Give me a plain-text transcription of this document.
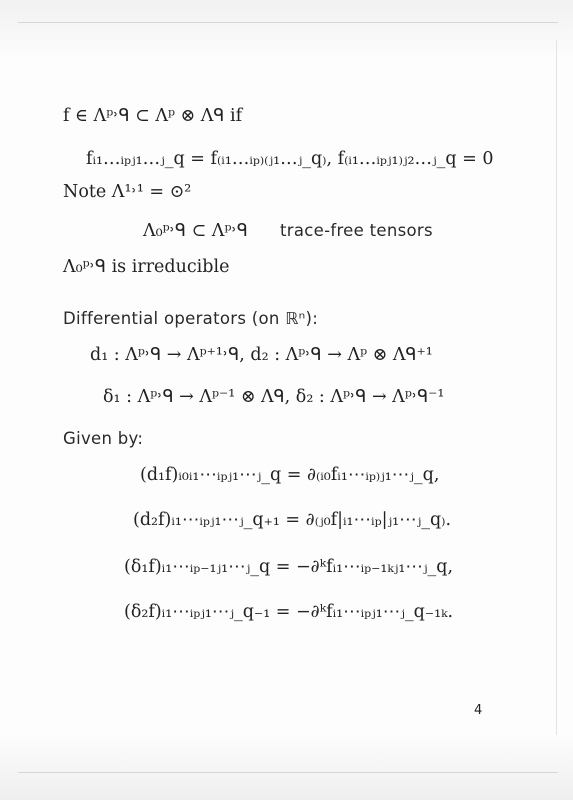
f ∈ Λᵖ˒ᑫ ⊂ Λᵖ ⊗ Λᑫ if
fᵢ₁…ᵢₚⱼ₁…ⱼ_q = f₍ᵢ₁…ᵢₚ₎₍ⱼ₁…ⱼ_q₎, f₍ᵢ₁…ᵢₚⱼ₁₎ⱼ₂…ⱼ_q = 0
Note Λ¹˒¹ = ⊙²
Λ₀ᵖ˒ᑫ ⊂ Λᵖ˒ᑫ trace-free tensors
Λ₀ᵖ˒ᑫ is irreducible
Differential operators (on ℝⁿ):
d₁ : Λᵖ˒ᑫ → Λᵖ⁺¹˒ᑫ, d₂ : Λᵖ˒ᑫ → Λᵖ ⊗ Λᑫ⁺¹
δ₁ : Λᵖ˒ᑫ → Λᵖ⁻¹ ⊗ Λᑫ, δ₂ : Λᵖ˒ᑫ → Λᵖ˒ᑫ⁻¹
Given by:
(d₁f)ᵢ₀ᵢ₁⋯ᵢₚⱼ₁⋯ⱼ_q = ∂₍ᵢ₀fᵢ₁⋯ᵢₚ₎ⱼ₁⋯ⱼ_q,
(d₂f)ᵢ₁⋯ᵢₚⱼ₁⋯ⱼ_q₊₁ = ∂₍ⱼ₀f|ᵢ₁⋯ᵢₚ|ⱼ₁⋯ⱼ_q₎.
(δ₁f)ᵢ₁⋯ᵢₚ₋₁ⱼ₁⋯ⱼ_q = −∂ᵏfᵢ₁⋯ᵢₚ₋₁ₖⱼ₁⋯ⱼ_q,
(δ₂f)ᵢ₁⋯ᵢₚⱼ₁⋯ⱼ_q₋₁ = −∂ᵏfᵢ₁⋯ᵢₚⱼ₁⋯ⱼ_q₋₁ₖ.
4
